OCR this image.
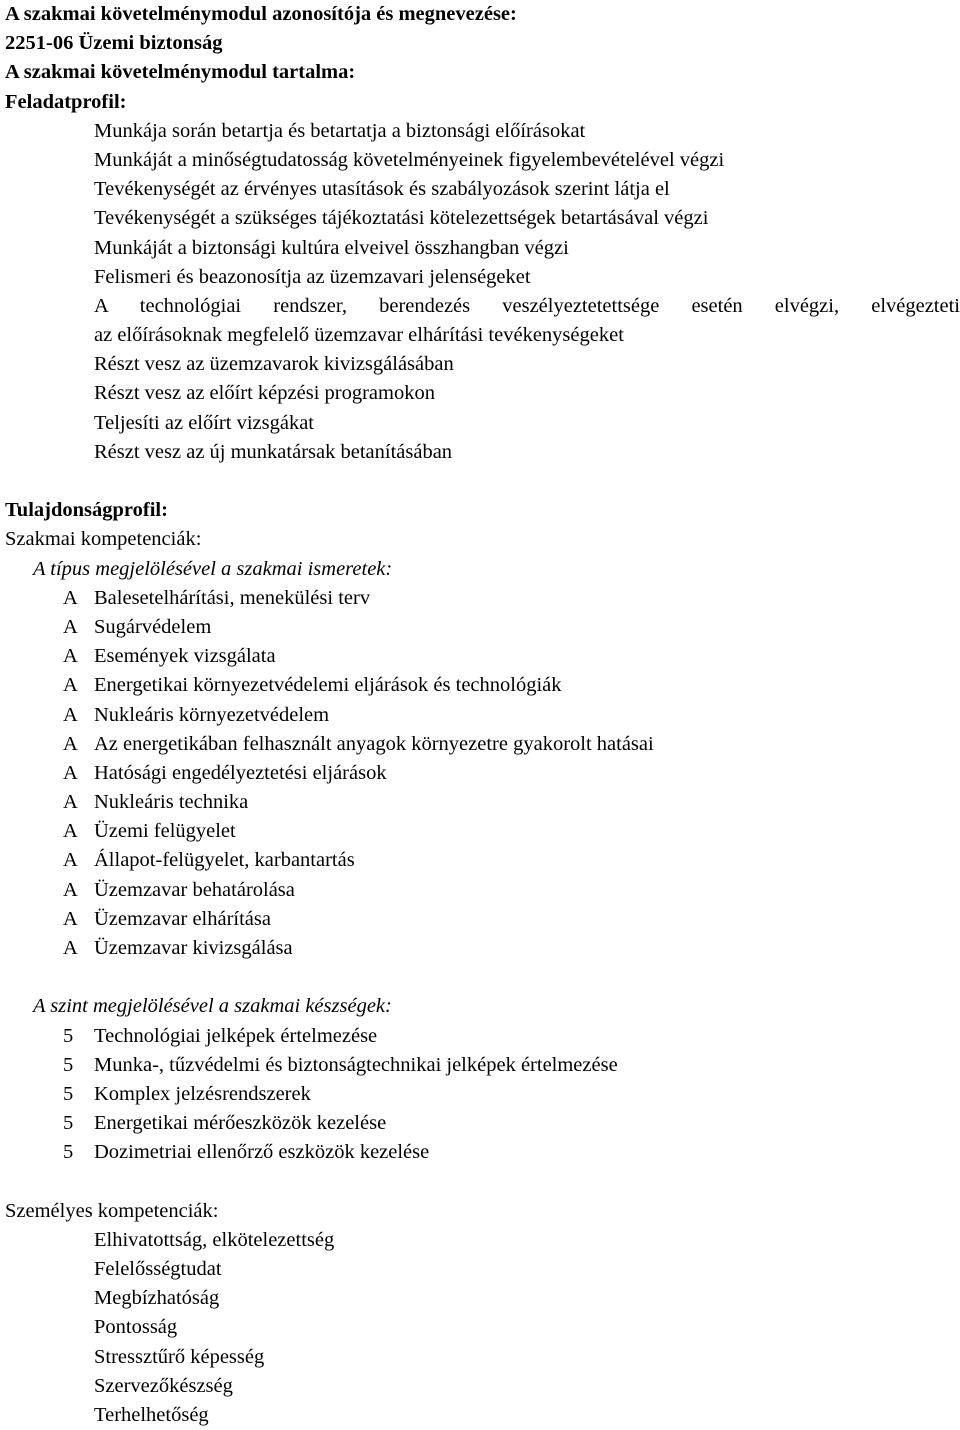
A szakmai követelménymodul azonosítója és megnevezése:
2251-06 Üzemi biztonság
A szakmai követelménymodul tartalma:
Feladatprofil:
Munkája során betartja és betartatja a biztonsági előírásokat
Munkáját a minőségtudatosság követelményeinek figyelembevételével végzi
Tevékenységét az érvényes utasítások és szabályozások szerint látja el
Tevékenységét a szükséges tájékoztatási kötelezettségek betartásával végzi
Munkáját a biztonsági kultúra elveivel összhangban végzi
Felismeri és beazonosítja az üzemzavari jelenségeket
A technológiai rendszer, berendezés veszélyeztetettsége esetén elvégzi, elvégezteti
az előírásoknak megfelelő üzemzavar elhárítási tevékenységeket
Részt vesz az üzemzavarok kivizsgálásában
Részt vesz az előírt képzési programokon
Teljesíti az előírt vizsgákat
Részt vesz az új munkatársak betanításában
Tulajdonságprofil:
Szakmai kompetenciák:
A típus megjelölésével a szakmai ismeretek:
A Balesetelhárítási, menekülési terv
A Sugárvédelem
A Események vizsgálata
A Energetikai környezetvédelemi eljárások és technológiák
A Nukleáris környezetvédelem
A Az energetikában felhasznált anyagok környezetre gyakorolt hatásai
A Hatósági engedélyeztetési eljárások
A Nukleáris technika
A Üzemi felügyelet
A Állapot-felügyelet, karbantartás
A Üzemzavar behatárolása
A Üzemzavar elhárítása
A Üzemzavar kivizsgálása
A szint megjelölésével a szakmai készségek:
5	Technológiai jelképek értelmezése
5	Munka-, tűzvédelmi és biztonságtechnikai jelképek értelmezése
5	Komplex jelzésrendszerek
5	Energetikai mérőeszközök kezelése
5	Dozimetriai ellenőrző eszközök kezelése
Személyes kompetenciák:
Elhivatottság, elkötelezettség
Felelősségtudat
Megbízhatóság
Pontosság
Stressztűrő képesség
Szervezőkészség
Terhelhetőség
